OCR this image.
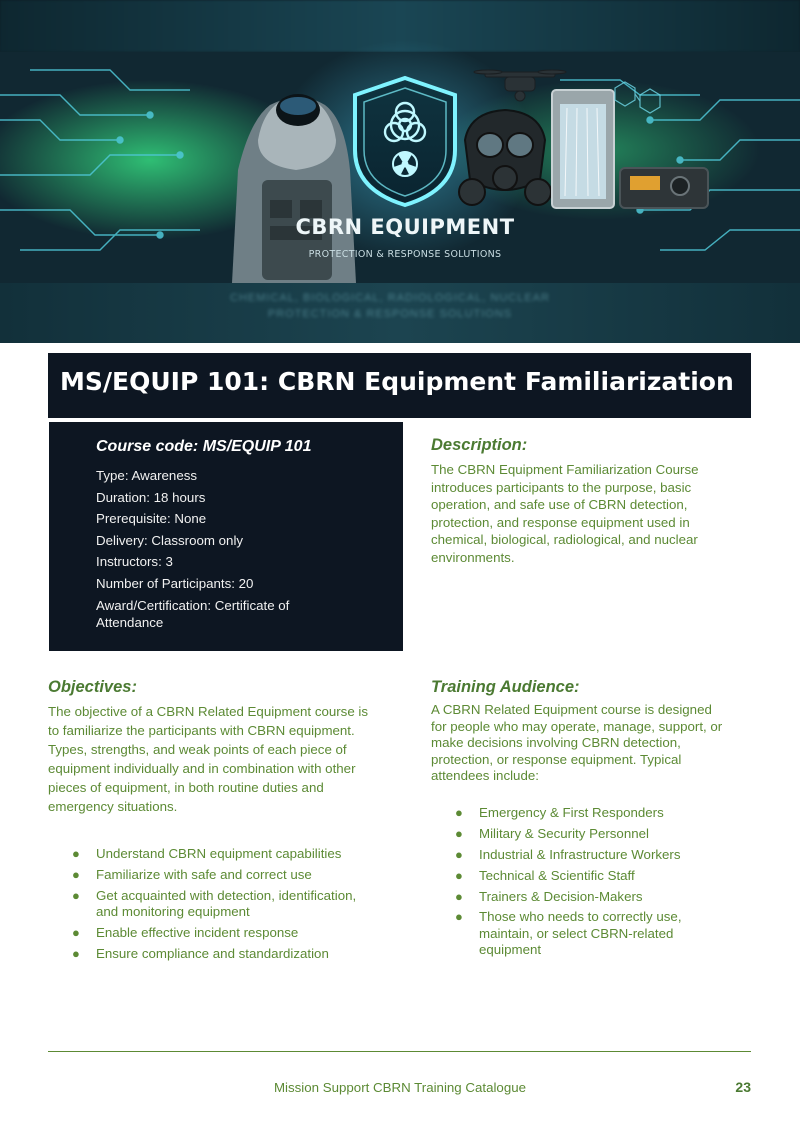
CBRN EQUIPMENT
PROTECTION & RESPONSE SOLUTIONS
CHEMICAL, BIOLOGICAL, RADIOLOGICAL, NUCLEAR
PROTECTION & RESPONSE SOLUTIONS
MS/EQUIP 101: CBRN Equipment Familiarization
Course code: MS/EQUIP 101
Type: Awareness
Duration: 18 hours
Prerequisite: None
Delivery: Classroom only
Instructors: 3
Number of Participants: 20
Award/Certification: Certificate of Attendance
Description:
The CBRN Equipment Familiarization Course introduces participants to the purpose, basic operation, and safe use of CBRN detection, protection, and response equipment used in chemical, biological, radiological, and nuclear environments.
Objectives:
The objective of a CBRN Related Equipment course is to familiarize the participants with CBRN equipment. Types, strengths, and weak points of each piece of equipment individually and in combination with other pieces of equipment, in both routine duties and emergency situations.
● Understand CBRN equipment capabilities
● Familiarize with safe and correct use
● Get acquainted with detection, identification, and monitoring equipment
● Enable effective incident response
● Ensure compliance and standardization
Training Audience:
A CBRN Related Equipment course is designed for people who may operate, manage, support, or make decisions involving CBRN detection, protection, or response equipment. Typical attendees include:
● Emergency & First Responders
● Military & Security Personnel
● Industrial & Infrastructure Workers
● Technical & Scientific Staff
● Trainers & Decision-Makers
● Those who needs to correctly use, maintain, or select CBRN-related equipment
Mission Support CBRN Training Catalogue	23
